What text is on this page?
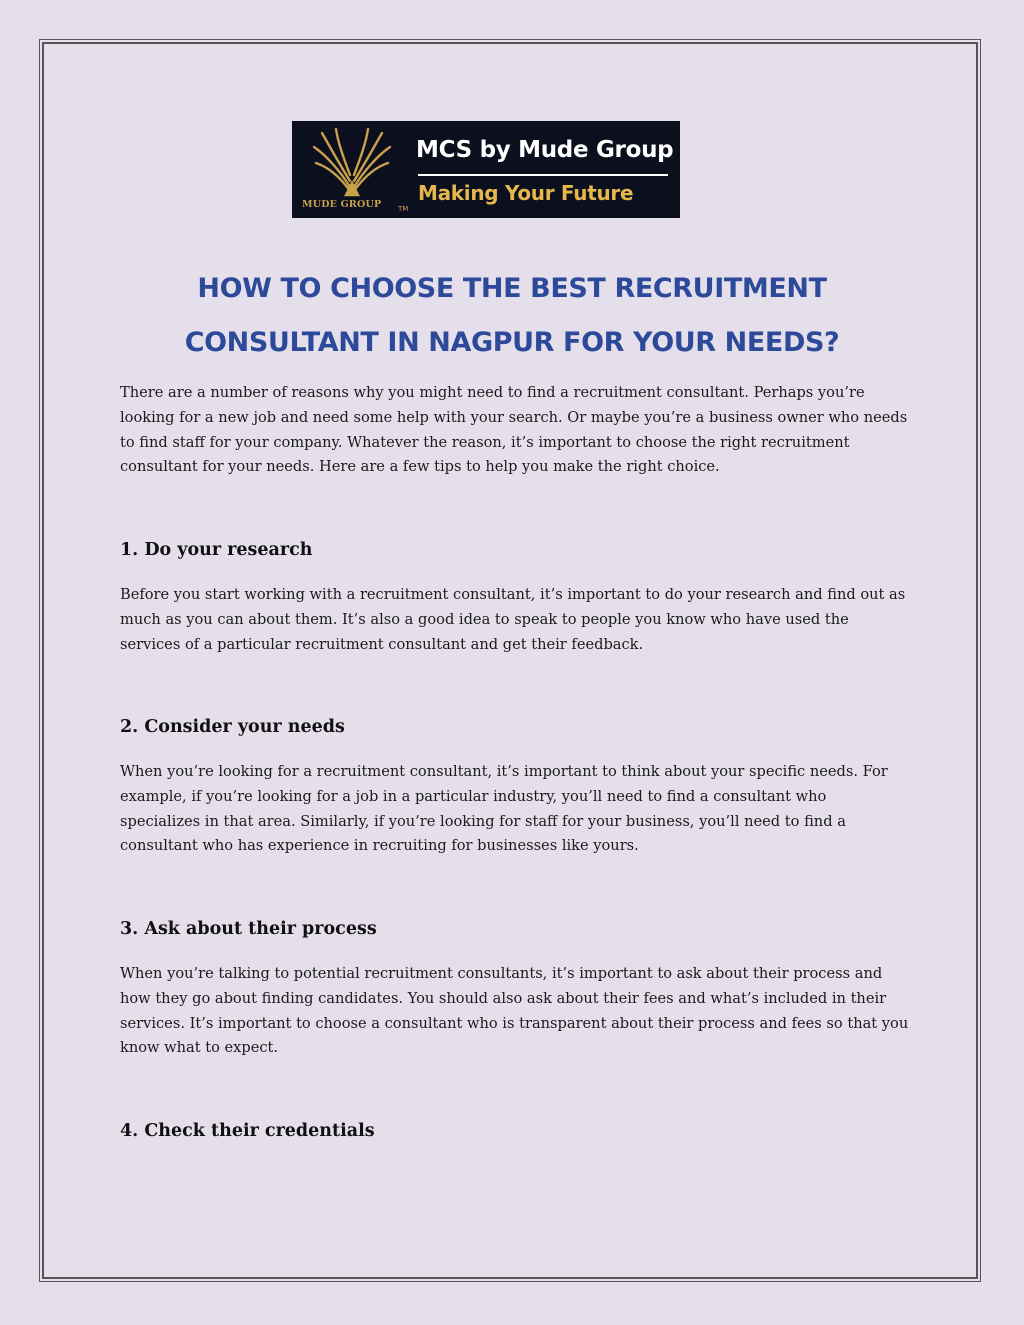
MUDE GROUP TM
MCS by Mude Group
Making Your Future
HOW TO CHOOSE THE BEST RECRUITMENT CONSULTANT IN NAGPUR FOR YOUR NEEDS?

There are a number of reasons why you might need to find a recruitment consultant. Perhaps you’re looking for a new job and need some help with your search. Or maybe you’re a business owner who needs to find staff for your company. Whatever the reason, it’s important to choose the right recruitment consultant for your needs. Here are a few tips to help you make the right choice.

1. Do your research

Before you start working with a recruitment consultant, it’s important to do your research and find out as much as you can about them. It’s also a good idea to speak to people you know who have used the services of a particular recruitment consultant and get their feedback.

2. Consider your needs

When you’re looking for a recruitment consultant, it’s important to think about your specific needs. For example, if you’re looking for a job in a particular industry, you’ll need to find a consultant who specializes in that area. Similarly, if you’re looking for staff for your business, you’ll need to find a consultant who has experience in recruiting for businesses like yours.

3. Ask about their process

When you’re talking to potential recruitment consultants, it’s important to ask about their process and how they go about finding candidates. You should also ask about their fees and what’s included in their services. It’s important to choose a consultant who is transparent about their process and fees so that you know what to expect.

4. Check their credentials
